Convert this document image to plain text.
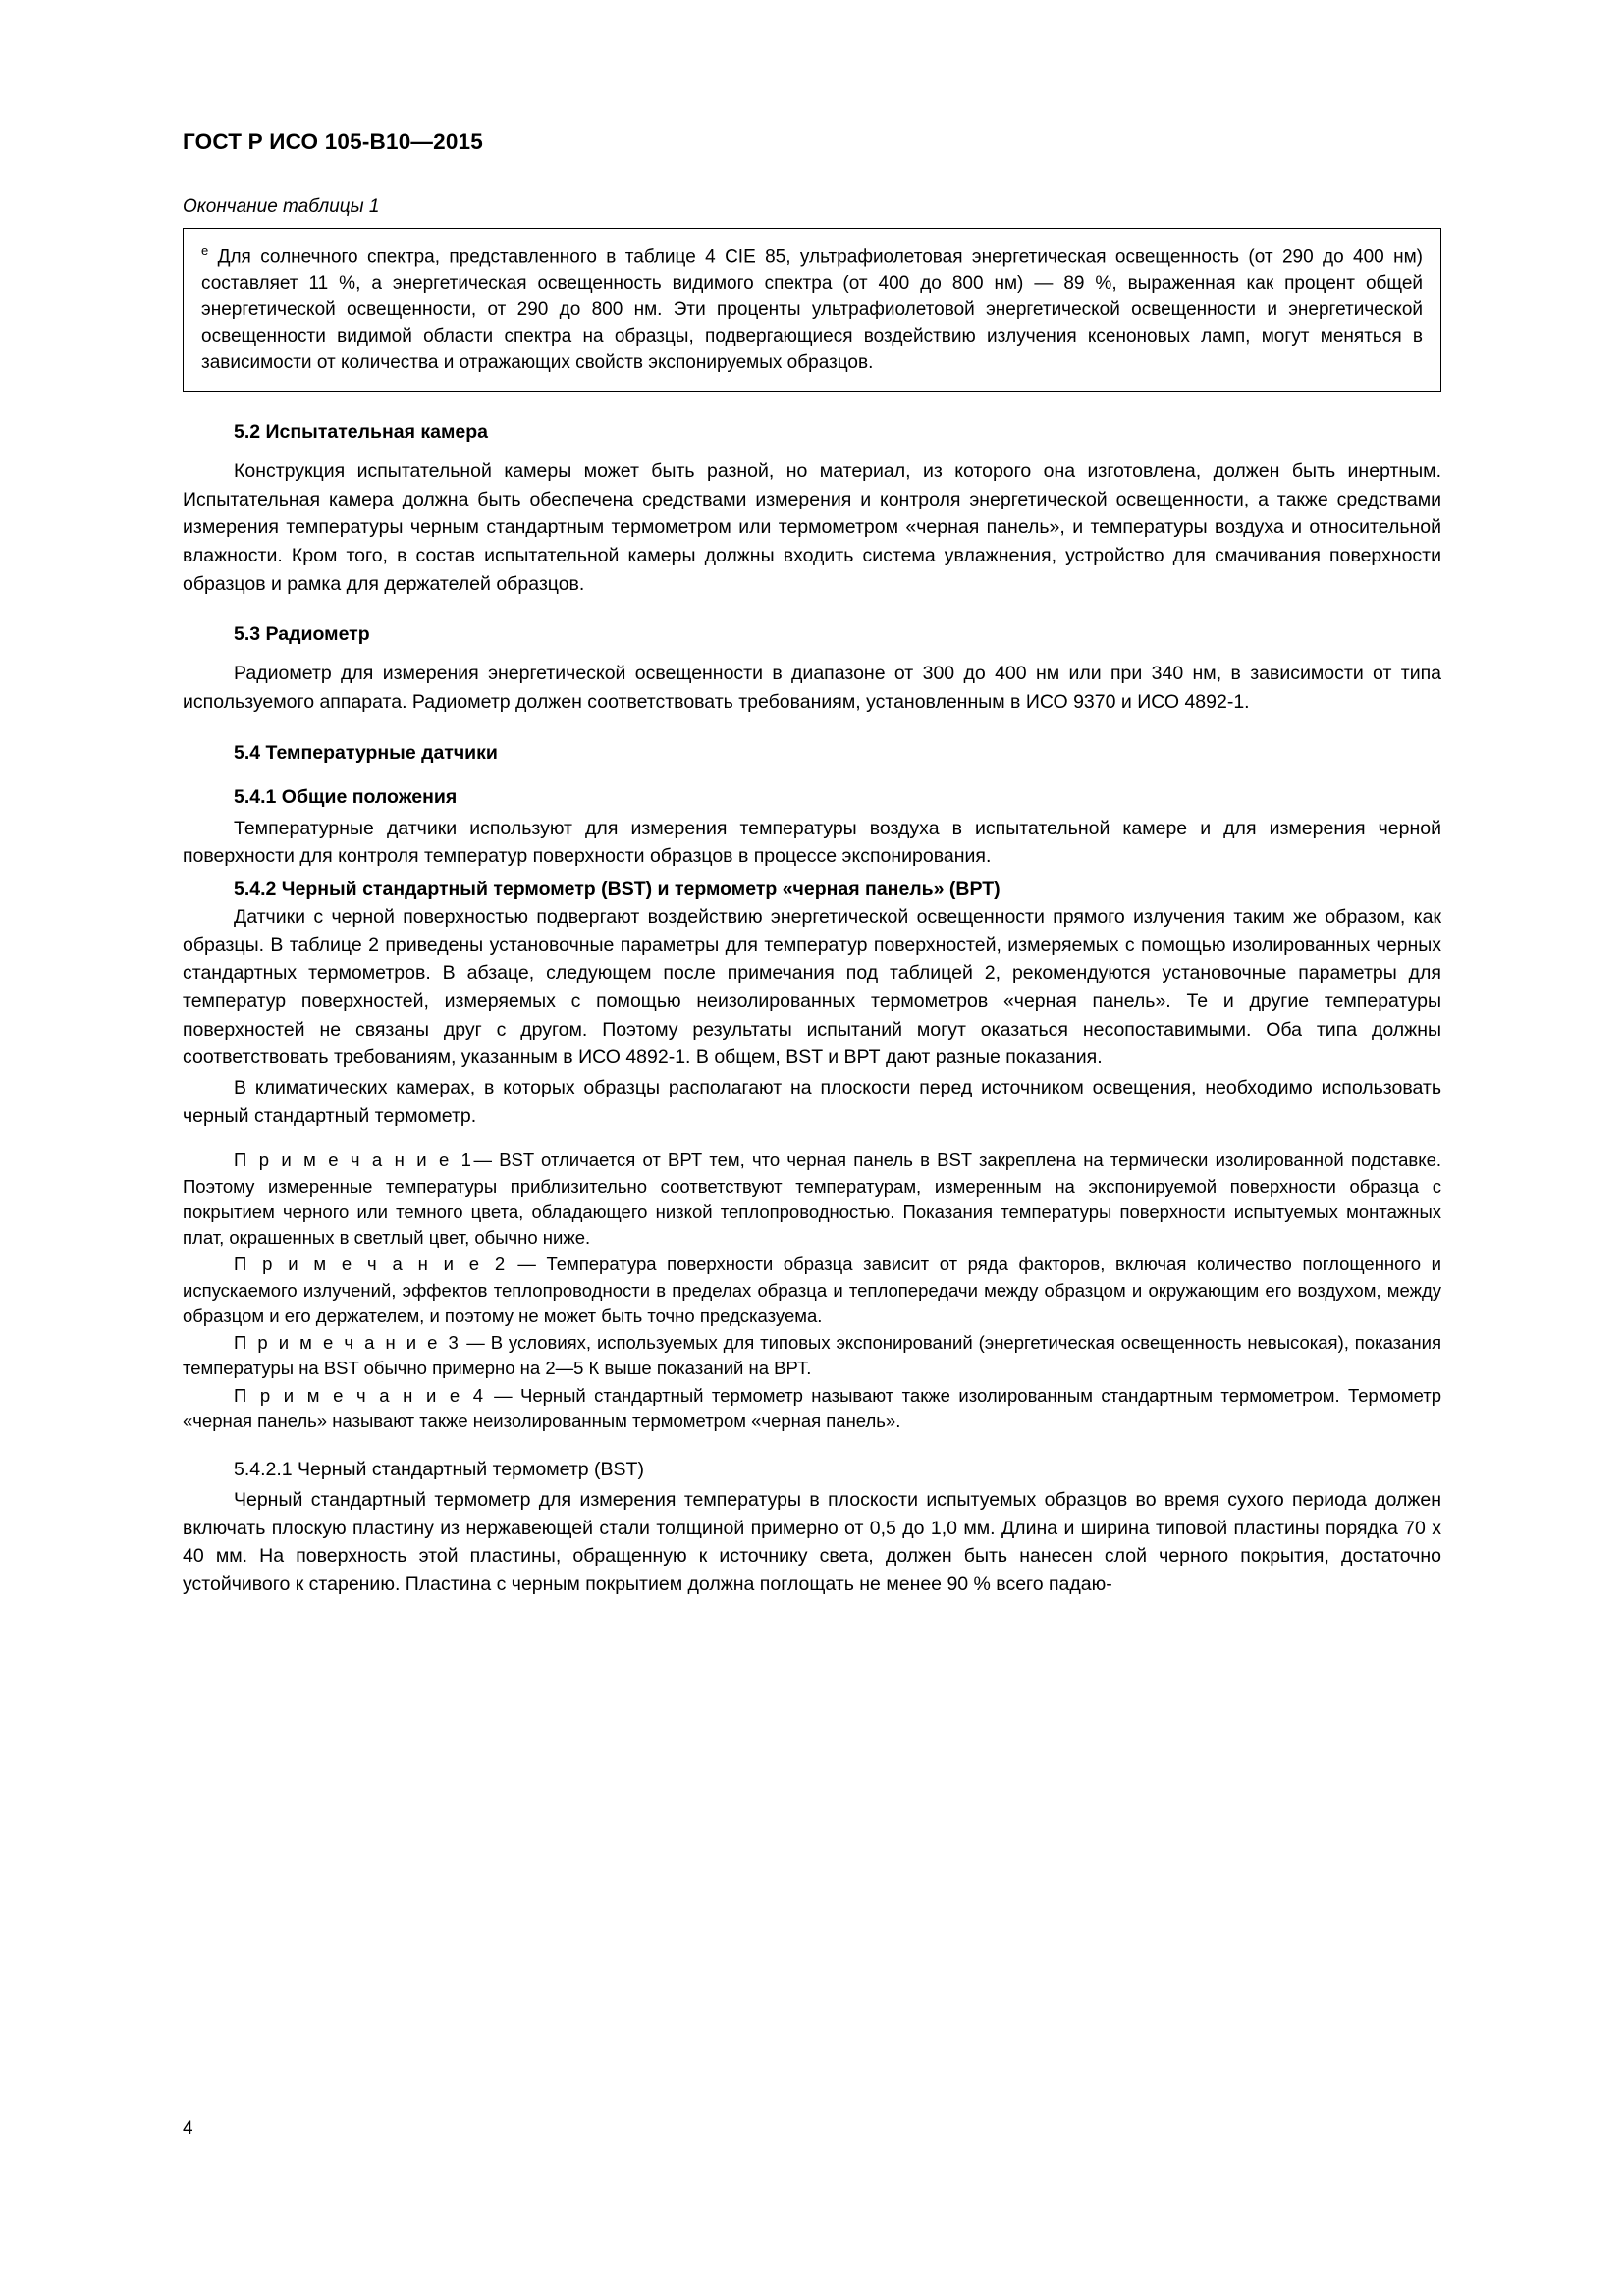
ГОСТ Р ИСО 105-B10—2015
Окончание таблицы 1

$^e$ Для солнечного спектра, представленного в таблице 4 CIE 85, ультрафиолетовая энергетическая освещенность (от 290 до 400 нм) составляет 11 %, а энергетическая освещенность видимого спектра (от 400 до 800 нм) — 89 %, выраженная как процент общей энергетической освещенности, от 290 до 800 нм. Эти проценты ультрафиолетовой энергетической освещенности и энергетической освещенности видимой области спектра на образцы, подвергающиеся воздействию излучения ксеноновых ламп, могут меняться в зависимости от количества и отражающих свойств экспонируемых образцов.

5.2 Испытательная камера

Конструкция испытательной камеры может быть разной, но материал, из которого она изготовлена, должен быть инертным. Испытательная камера должна быть обеспечена средствами измерения и контроля энергетической освещенности, а также средствами измерения температуры черным стандартным термометром или термометром «черная панель», и температуры воздуха и относительной влажности. Кром того, в состав испытательной камеры должны входить система увлажнения, устройство для смачивания поверхности образцов и рамка для держателей образцов.

5.3 Радиометр

Радиометр для измерения энергетической освещенности в диапазоне от 300 до 400 нм или при 340 нм, в зависимости от типа используемого аппарата. Радиометр должен соответствовать требованиям, установленным в ИСО 9370 и ИСО 4892-1.

5.4 Температурные датчики
5.4.1 Общие положения

Температурные датчики используют для измерения температуры воздуха в испытательной камере и для измерения черной поверхности для контроля температур поверхности образцов в процессе экспонирования.

5.4.2 Черный стандартный термометр (BST) и термометр «черная панель» (ВРТ)

Датчики с черной поверхностью подвергают воздействию энергетической освещенности прямого излучения таким же образом, как образцы. В таблице 2 приведены установочные параметры для температур поверхностей, измеряемых с помощью изолированных черных стандартных термометров. В абзаце, следующем после примечания под таблицей 2, рекомендуются установочные параметры для температур поверхностей, измеряемых с помощью неизолированных термометров «черная панель». Те и другие температуры поверхностей не связаны друг с другом. Поэтому результаты испытаний могут оказаться несопоставимыми. Оба типа должны соответствовать требованиям, указанным в ИСО 4892-1. В общем, BST и ВРТ дают разные показания.

В климатических камерах, в которых образцы располагают на плоскости перед источником освещения, необходимо использовать черный стандартный термометр.

П р и м е ч а н и е 1— BST отличается от ВРТ тем, что черная панель в BST закреплена на термически изолированной подставке. Поэтому измеренные температуры приблизительно соответствуют температурам, измеренным на экспонируемой поверхности образца с покрытием черного или темного цвета, обладающего низкой теплопроводностью. Показания температуры поверхности испытуемых монтажных плат, окрашенных в светлый цвет, обычно ниже.

П р и м е ч а н и е 2 — Температура поверхности образца зависит от ряда факторов, включая количество поглощенного и испускаемого излучений, эффектов теплопроводности в пределах образца и теплопередачи между образцом и окружающим его воздухом, между образцом и его держателем, и поэтому не может быть точно предсказуема.

П р и м е ч а н и е 3 — В условиях, используемых для типовых экспонирований (энергетическая освещенность невысокая), показания температуры на BST обычно примерно на 2—5 К выше показаний на ВРТ.

П р и м е ч а н и е 4 — Черный стандартный термометр называют также изолированным стандартным термометром. Термометр «черная панель» называют также неизолированным термометром «черная панель».

5.4.2.1 Черный стандартный термометр (BST)

Черный стандартный термометр для измерения температуры в плоскости испытуемых образцов во время сухого периода должен включать плоскую пластину из нержавеющей стали толщиной примерно от 0,5 до 1,0 мм. Длина и ширина типовой пластины порядка 70 х 40 мм. На поверхность этой пластины, обращенную к источнику света, должен быть нанесен слой черного покрытия, достаточно устойчивого к старению. Пластина с черным покрытием должна поглощать не менее 90 % всего падаю-

4
